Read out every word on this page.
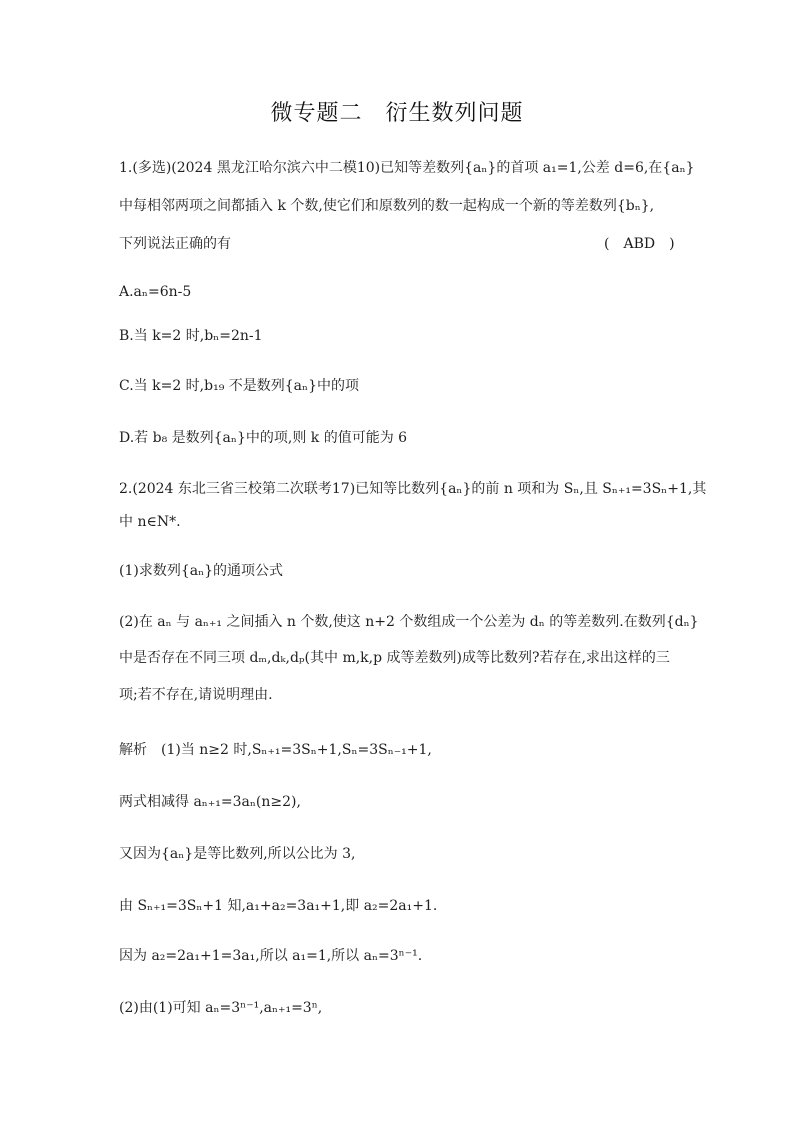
微专题二　衍生数列问题
1.(多选)(2024 黑龙江哈尔滨六中二模10)已知等差数列{aₙ}的首项 a₁=1,公差 d=6,在{aₙ}
中每相邻两项之间都插入 k 个数,使它们和原数列的数一起构成一个新的等差数列{bₙ},
下列说法正确的有	(　ABD　)
A.aₙ=6n-5
B.当 k=2 时,bₙ=2n-1
C.当 k=2 时,b₁₉ 不是数列{aₙ}中的项
D.若 b₈ 是数列{aₙ}中的项,则 k 的值可能为 6
2.(2024 东北三省三校第二次联考17)已知等比数列{aₙ}的前 n 项和为 Sₙ,且 Sₙ₊₁=3Sₙ+1,其
中 n∈N*.
(1)求数列{aₙ}的通项公式
(2)在 aₙ 与 aₙ₊₁ 之间插入 n 个数,使这 n+2 个数组成一个公差为 dₙ 的等差数列.在数列{dₙ}
中是否存在不同三项 dₘ,dₖ,dₚ(其中 m,k,p 成等差数列)成等比数列?若存在,求出这样的三
项;若不存在,请说明理由.
解析　(1)当 n≥2 时,Sₙ₊₁=3Sₙ+1,Sₙ=3Sₙ₋₁+1,
两式相减得 aₙ₊₁=3aₙ(n≥2),
又因为{aₙ}是等比数列,所以公比为 3,
由 Sₙ₊₁=3Sₙ+1 知,a₁+a₂=3a₁+1,即 a₂=2a₁+1.
因为 a₂=2a₁+1=3a₁,所以 a₁=1,所以 aₙ=3ⁿ⁻¹.
(2)由(1)可知 aₙ=3ⁿ⁻¹,aₙ₊₁=3ⁿ,
